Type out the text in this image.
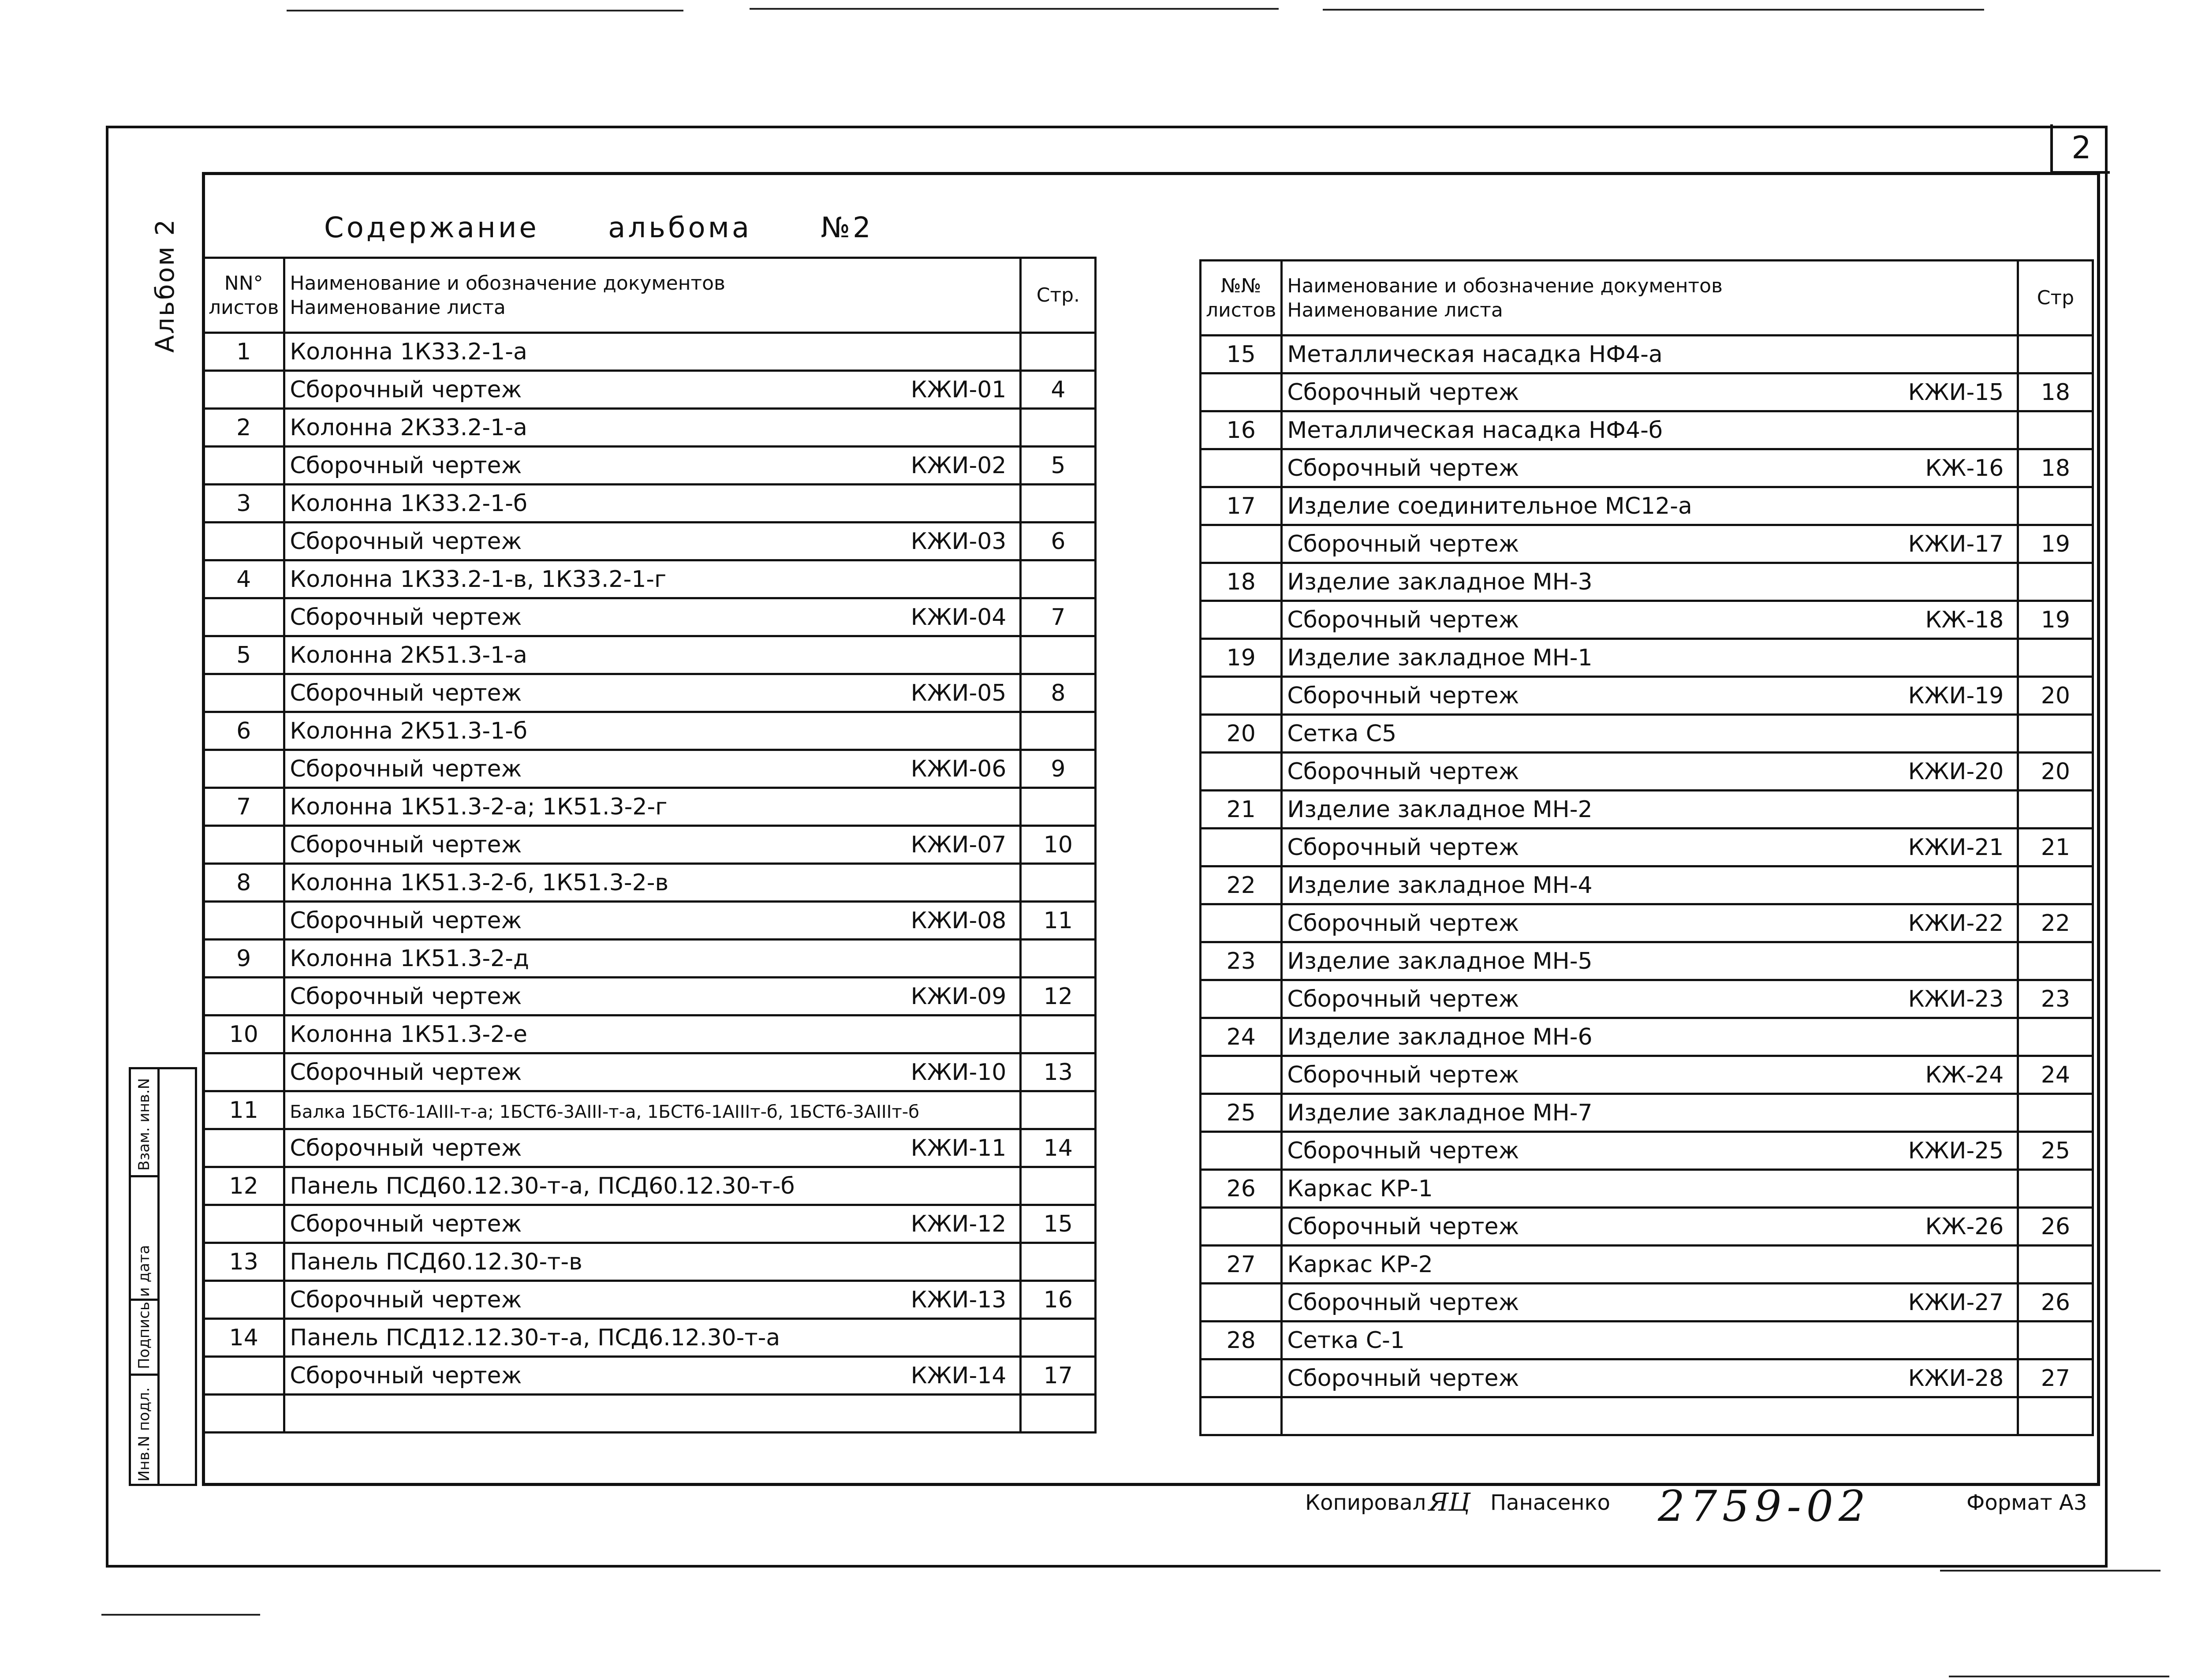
2
Альбом 2	Содержание альбома №2
NN° листов	Наименование и обозначение документов
Наименование листа	Стр.
1	Колонна 1К33.2-1-а

	Сборочный чертеж КЖИ-01	4
2	Колонна 2К33.2-1-а

	Сборочный чертеж КЖИ-02	5
3	Колонна 1К33.2-1-б

	Сборочный чертеж КЖИ-03	6
4	Колонна 1К33.2-1-в, 1К33.2-1-г

	Сборочный чертеж КЖИ-04	7
5	Колонна 2К51.3-1-а

	Сборочный чертеж КЖИ-05	8
6	Колонна 2К51.3-1-б

	Сборочный чертеж КЖИ-06	9
7	Колонна 1К51.3-2-а; 1К51.3-2-г

	Сборочный чертеж КЖИ-07	10
8	Колонна 1К51.3-2-б, 1К51.3-2-в

	Сборочный чертеж КЖИ-08	11
9	Колонна 1К51.3-2-д

	Сборочный чертеж КЖИ-09	12
10	Колонна 1К51.3-2-е

	Сборочный чертеж КЖИ-10	13
11	Балка 1БСТ6-1АIII-т-а; 1БСТ6-3АIII-т-а, 1БСТ6-1АIIIт-б, 1БСТ6-3АIIIт-б

	Сборочный чертеж КЖИ-11	14
12	Панель ПСД60.12.30-т-а, ПСД60.12.30-т-б

	Сборочный чертеж КЖИ-12	15
13	Панель ПСД60.12.30-т-в

	Сборочный чертеж КЖИ-13	16
14	Панель ПСД12.12.30-т-а, ПСД6.12.30-т-а

	Сборочный чертеж КЖИ-14	17

№№ листов	Наименование и обозначение документов
Наименование листа	Стр
15	Металлическая насадка НФ4-а

	Сборочный чертеж КЖИ-15	18
16	Металлическая насадка НФ4-б

	Сборочный чертеж КЖ-16	18
17	Изделие соединительное МС12-а

	Сборочный чертеж КЖИ-17	19
18	Изделие закладное МН-3

	Сборочный чертеж КЖ-18	19
19	Изделие закладное МН-1

	Сборочный чертеж КЖИ-19	20
20	Сетка С5

	Сборочный чертеж КЖИ-20	20
21	Изделие закладное МН-2

	Сборочный чертеж КЖИ-21	21
22	Изделие закладное МН-4

	Сборочный чертеж КЖИ-22	22
23	Изделие закладное МН-5

	Сборочный чертеж КЖИ-23	23
24	Изделие закладное МН-6

	Сборочный чертеж КЖ-24	24
25	Изделие закладное МН-7

	Сборочный чертеж КЖИ-25	25
26	Каркас КР-1

	Сборочный чертеж КЖ-26	26
27	Каркас КР-2

	Сборочный чертеж КЖИ-27	26
28	Сетка С-1

	Сборочный чертеж КЖИ-28	27

Взам. инв.N
Подпись и дата
Инв.N подл.
Копировал ЯЦ Панасенко 2759-02	Формат А3
